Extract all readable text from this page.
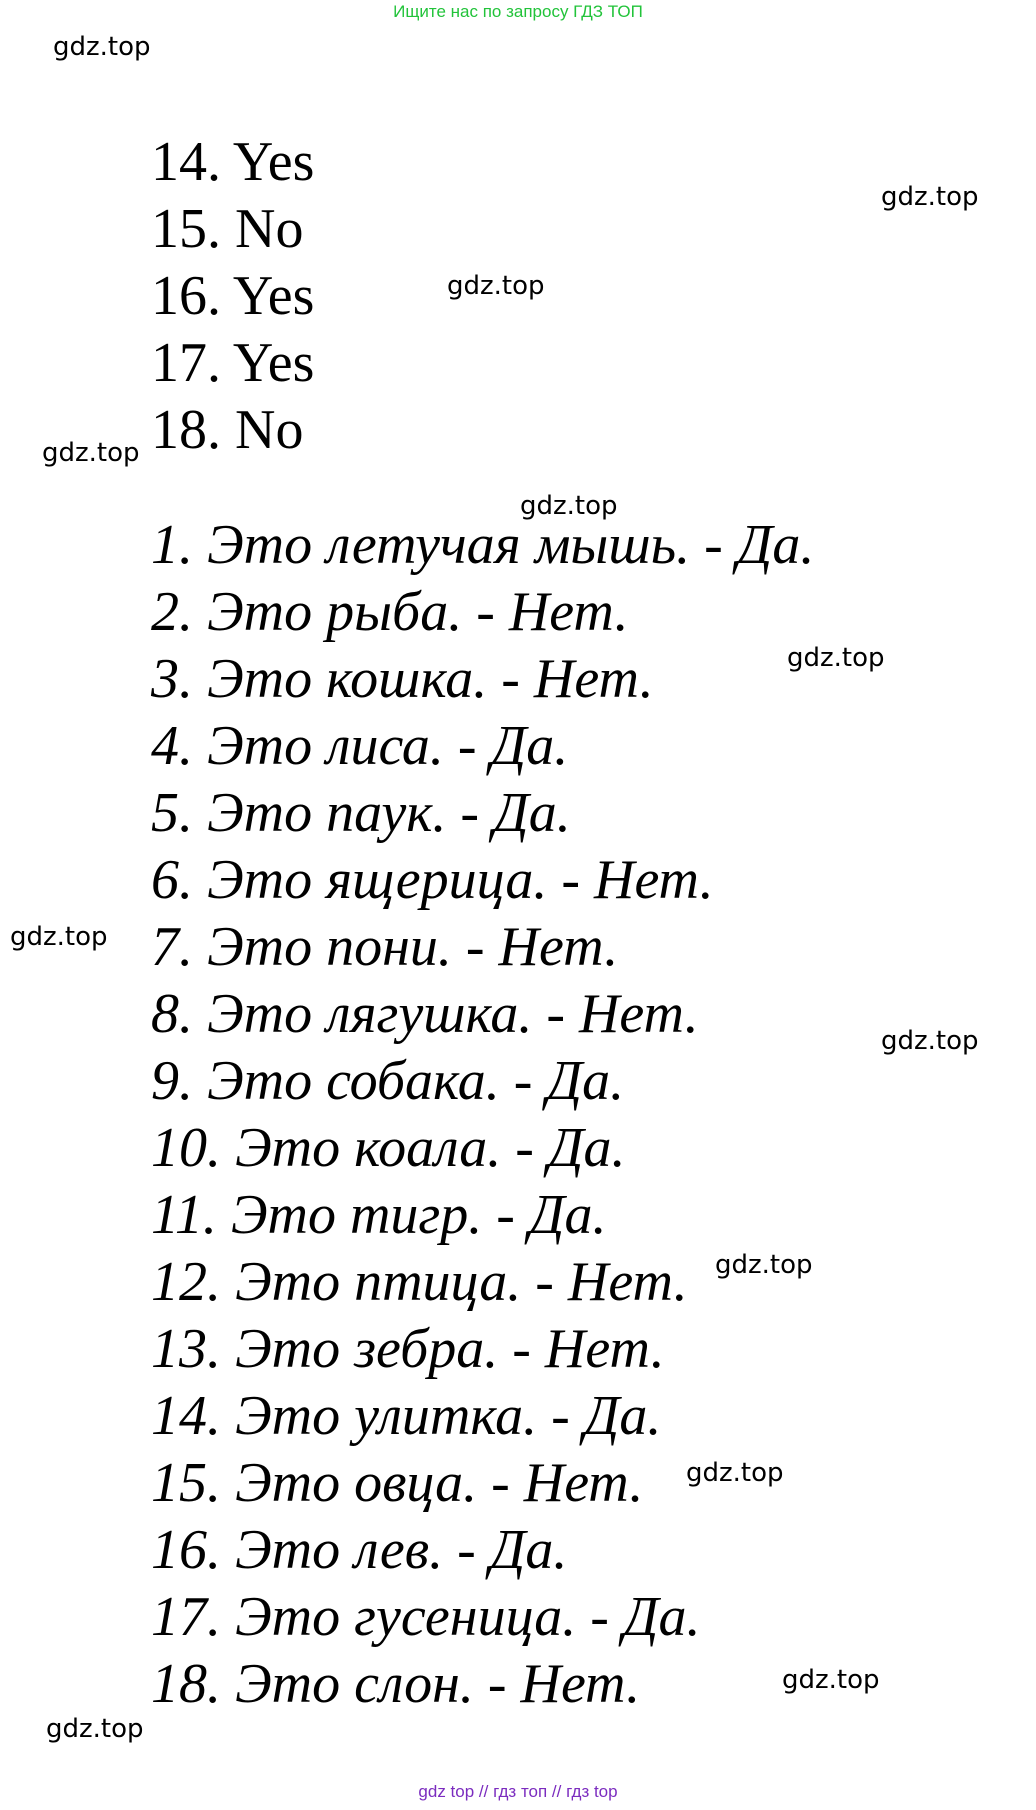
Ищите нас по запросу ГДЗ ТОП
gdz.top
gdz.top
gdz.top
gdz.top
gdz.top
gdz.top
gdz.top
gdz.top
gdz.top
gdz.top
gdz.top
gdz.top
14. Yes
15. No
16. Yes
17. Yes
18. No
1. Это летучая мышь. - Да.
2. Это рыба. - Нет.
3. Это кошка. - Нет.
4. Это лиса. - Да.
5. Это паук. - Да.
6. Это ящерица. - Нет.
7. Это пони. - Нет.
8. Это лягушка. - Нет.
9. Это собака. - Да.
10. Это коала. - Да.
11. Это тигр. - Да.
12. Это птица. - Нет.
13. Это зебра. - Нет.
14. Это улитка. - Да.
15. Это овца. - Нет.
16. Это лев. - Да.
17. Это гусеница. - Да.
18. Это слон. - Нет.
gdz top // гдз топ // гдз top
